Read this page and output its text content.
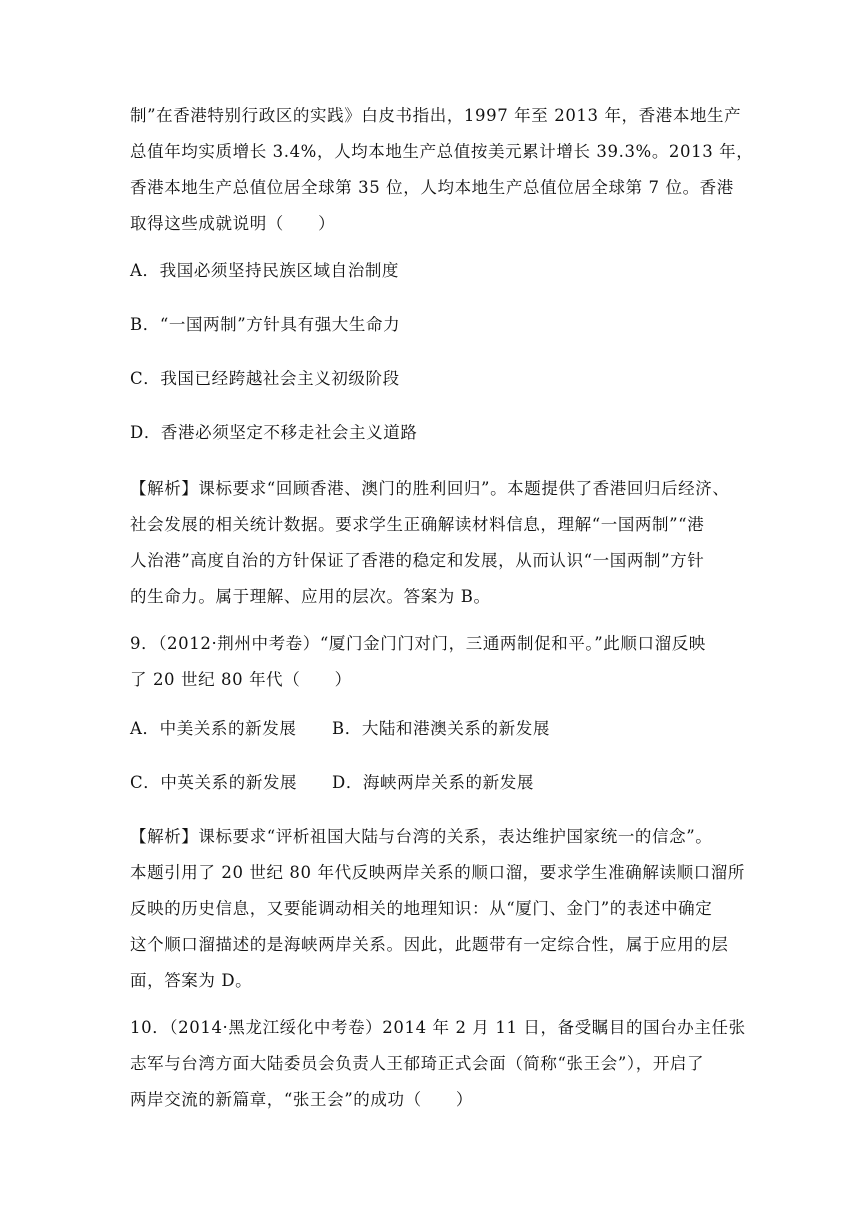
制”在香港特别行政区的实践》白皮书指出，1997 年至 2013 年，香港本地生产
总值年均实质增长 3.4%，人均本地生产总值按美元累计增长 39.3%。2013 年，
香港本地生产总值位居全球第 35 位，人均本地生产总值位居全球第 7 位。香港
取得这些成就说明（　　）
A．我国必须坚持民族区域自治制度
B．“一国两制”方针具有强大生命力
C．我国已经跨越社会主义初级阶段
D．香港必须坚定不移走社会主义道路
【解析】课标要求“回顾香港、澳门的胜利回归”。本题提供了香港回归后经济、
社会发展的相关统计数据。要求学生正确解读材料信息，理解“一国两制”“港
人治港”高度自治的方针保证了香港的稳定和发展，从而认识“一国两制”方针
的生命力。属于理解、应用的层次。答案为 B。
9．（2012·荆州中考卷）“厦门金门门对门，三通两制促和平。”此顺口溜反映
了 20 世纪 80 年代（　　）
A．中美关系的新发展 B．大陆和港澳关系的新发展
C．中英关系的新发展 D．海峡两岸关系的新发展
【解析】课标要求“评析祖国大陆与台湾的关系，表达维护国家统一的信念”。
本题引用了 20 世纪 80 年代反映两岸关系的顺口溜，要求学生准确解读顺口溜所
反映的历史信息，又要能调动相关的地理知识：从“厦门、金门”的表述中确定
这个顺口溜描述的是海峡两岸关系。因此，此题带有一定综合性，属于应用的层
面，答案为 D。
10．（2014·黑龙江绥化中考卷）2014 年 2 月 11 日，备受瞩目的国台办主任张
志军与台湾方面大陆委员会负责人王郁琦正式会面（简称“张王会”），开启了
两岸交流的新篇章，“张王会”的成功（　　）
